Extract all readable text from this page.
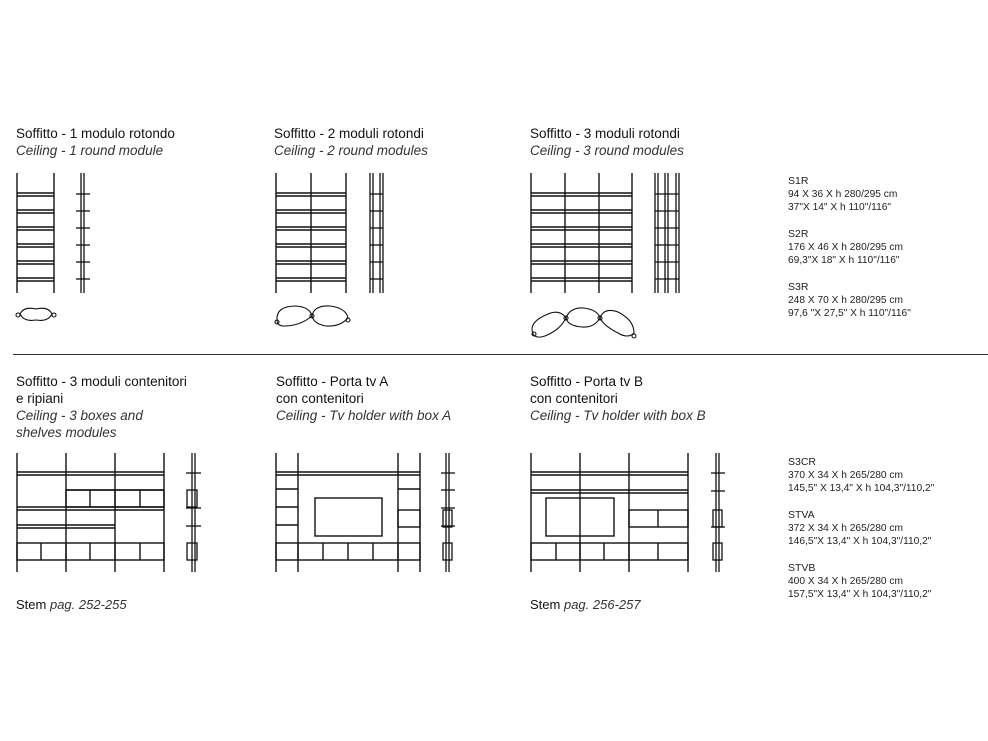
Soffitto - 1 modulo rotondo
Ceiling - 1 round module
Soffitto - 2 moduli rotondi
Ceiling - 2 round modules
Soffitto - 3 moduli rotondi
Ceiling - 3 round modules
S1R
94 X 36 X h 280/295 cm
37"X 14" X h 110"/116"
S2R
176 X 46 X h 280/295 cm
69,3"X 18" X h 110"/116"
S3R
248 X 70 X h 280/295 cm
97,6 "X 27,5" X h 110"/116"
Soffitto - 3 moduli contenitori
e ripiani
Ceiling - 3 boxes and
shelves modules
Soffitto - Porta tv A
con contenitori
Ceiling - Tv holder with box A
Soffitto - Porta tv B
con contenitori
Ceiling - Tv holder with box B
S3CR
370 X 34 X h 265/280 cm
145,5" X 13,4" X h 104,3"/110,2"
STVA
372 X 34 X h 265/280 cm
146,5"X 13,4" X h 104,3"/110,2"
STVB
400 X 34 X h 265/280 cm
157,5"X 13,4" X h 104,3"/110,2"
Stem pag. 252-255	Stem pag. 256-257
